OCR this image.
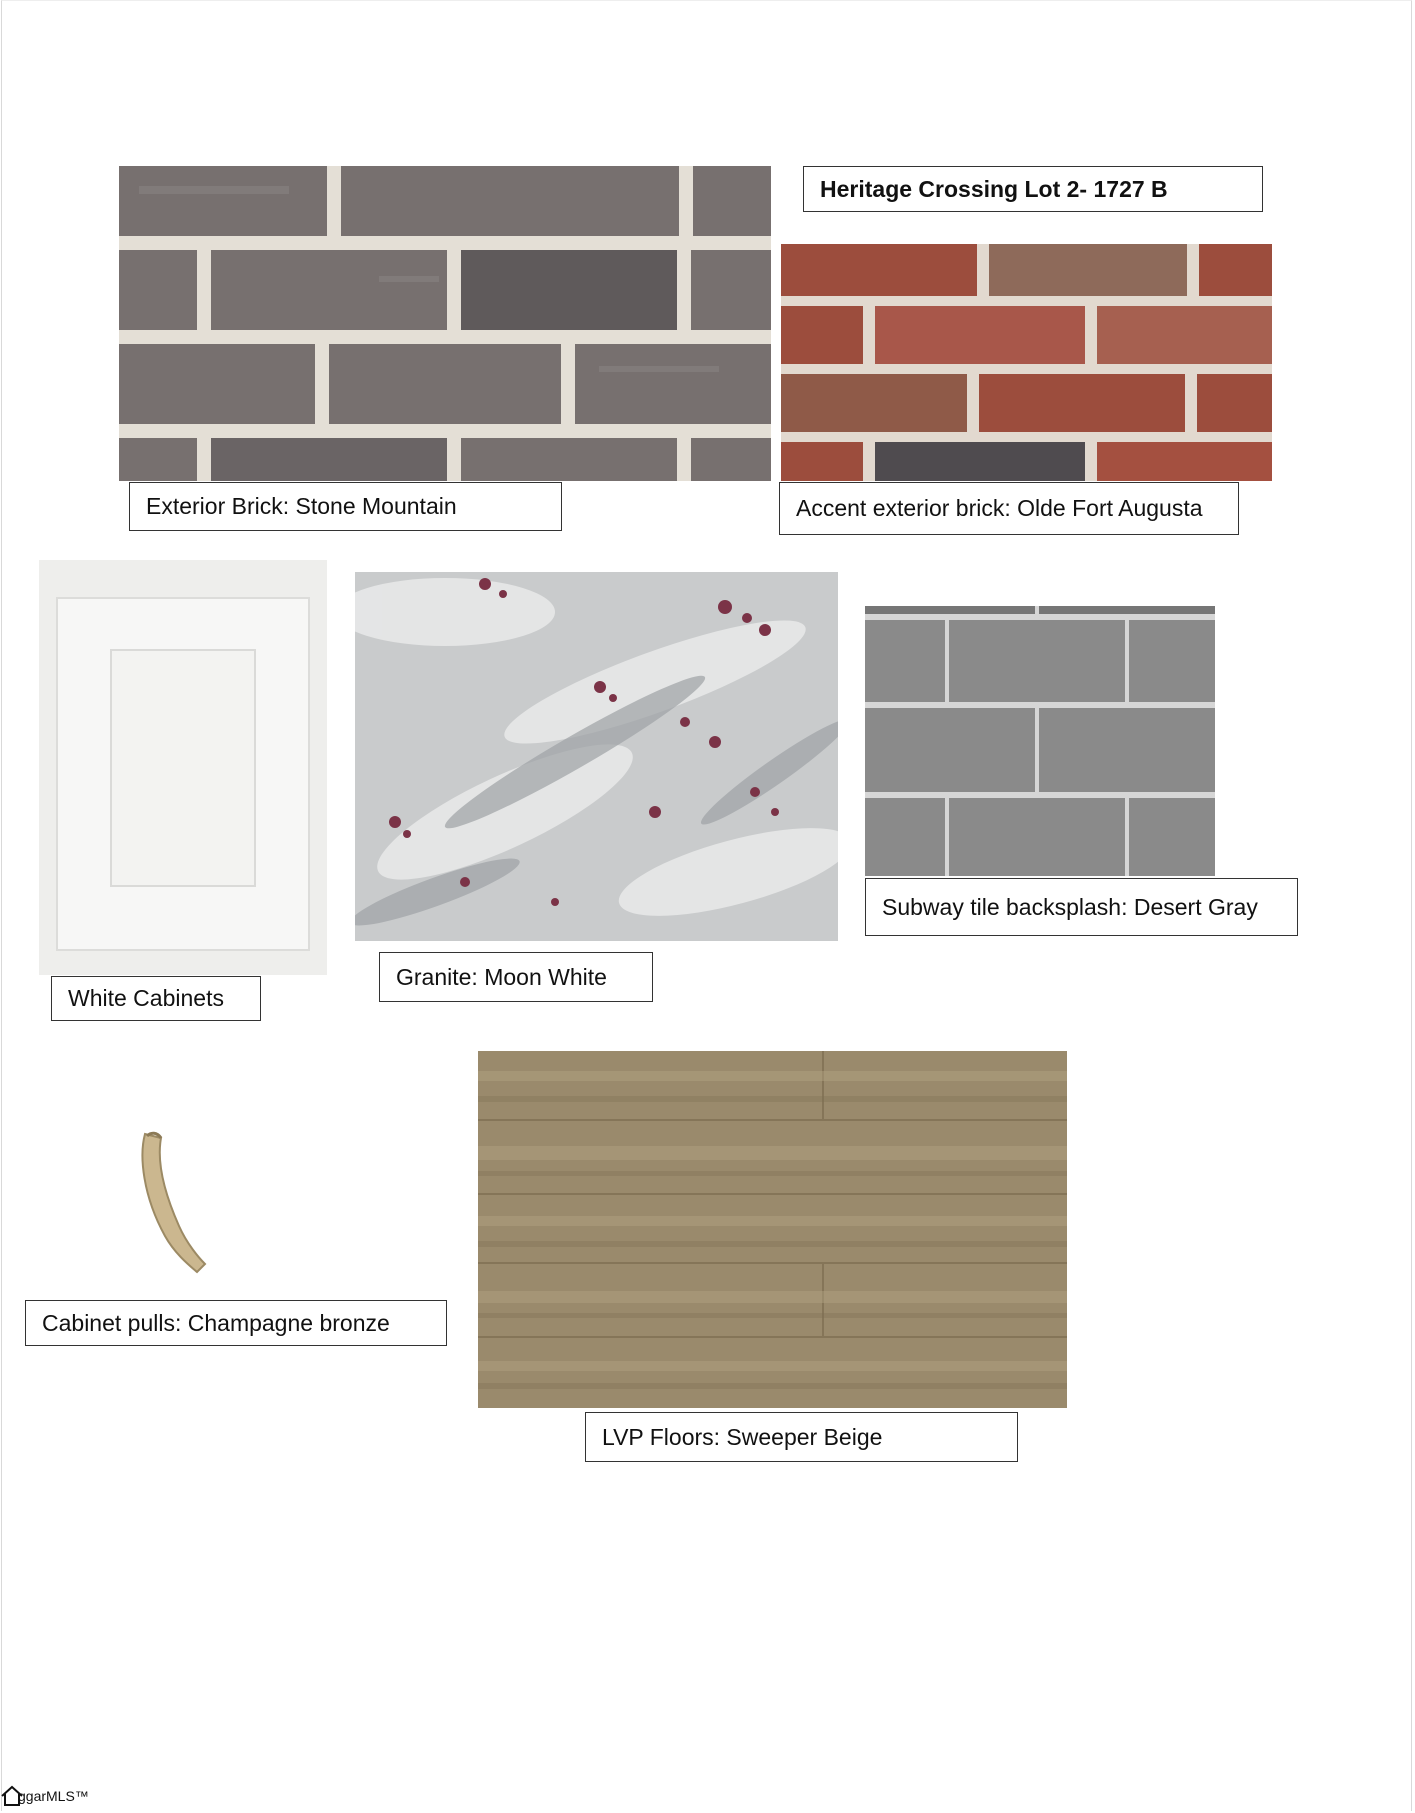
Heritage Crossing Lot 2- 1727 B
Exterior Brick: Stone Mountain	Accent exterior brick: Olde Fort Augusta
White Cabinets
Granite: Moon White
Subway tile backsplash: Desert Gray
Cabinet pulls: Champagne bronze
LVP Floors: Sweeper Beige
ggarMLS™
